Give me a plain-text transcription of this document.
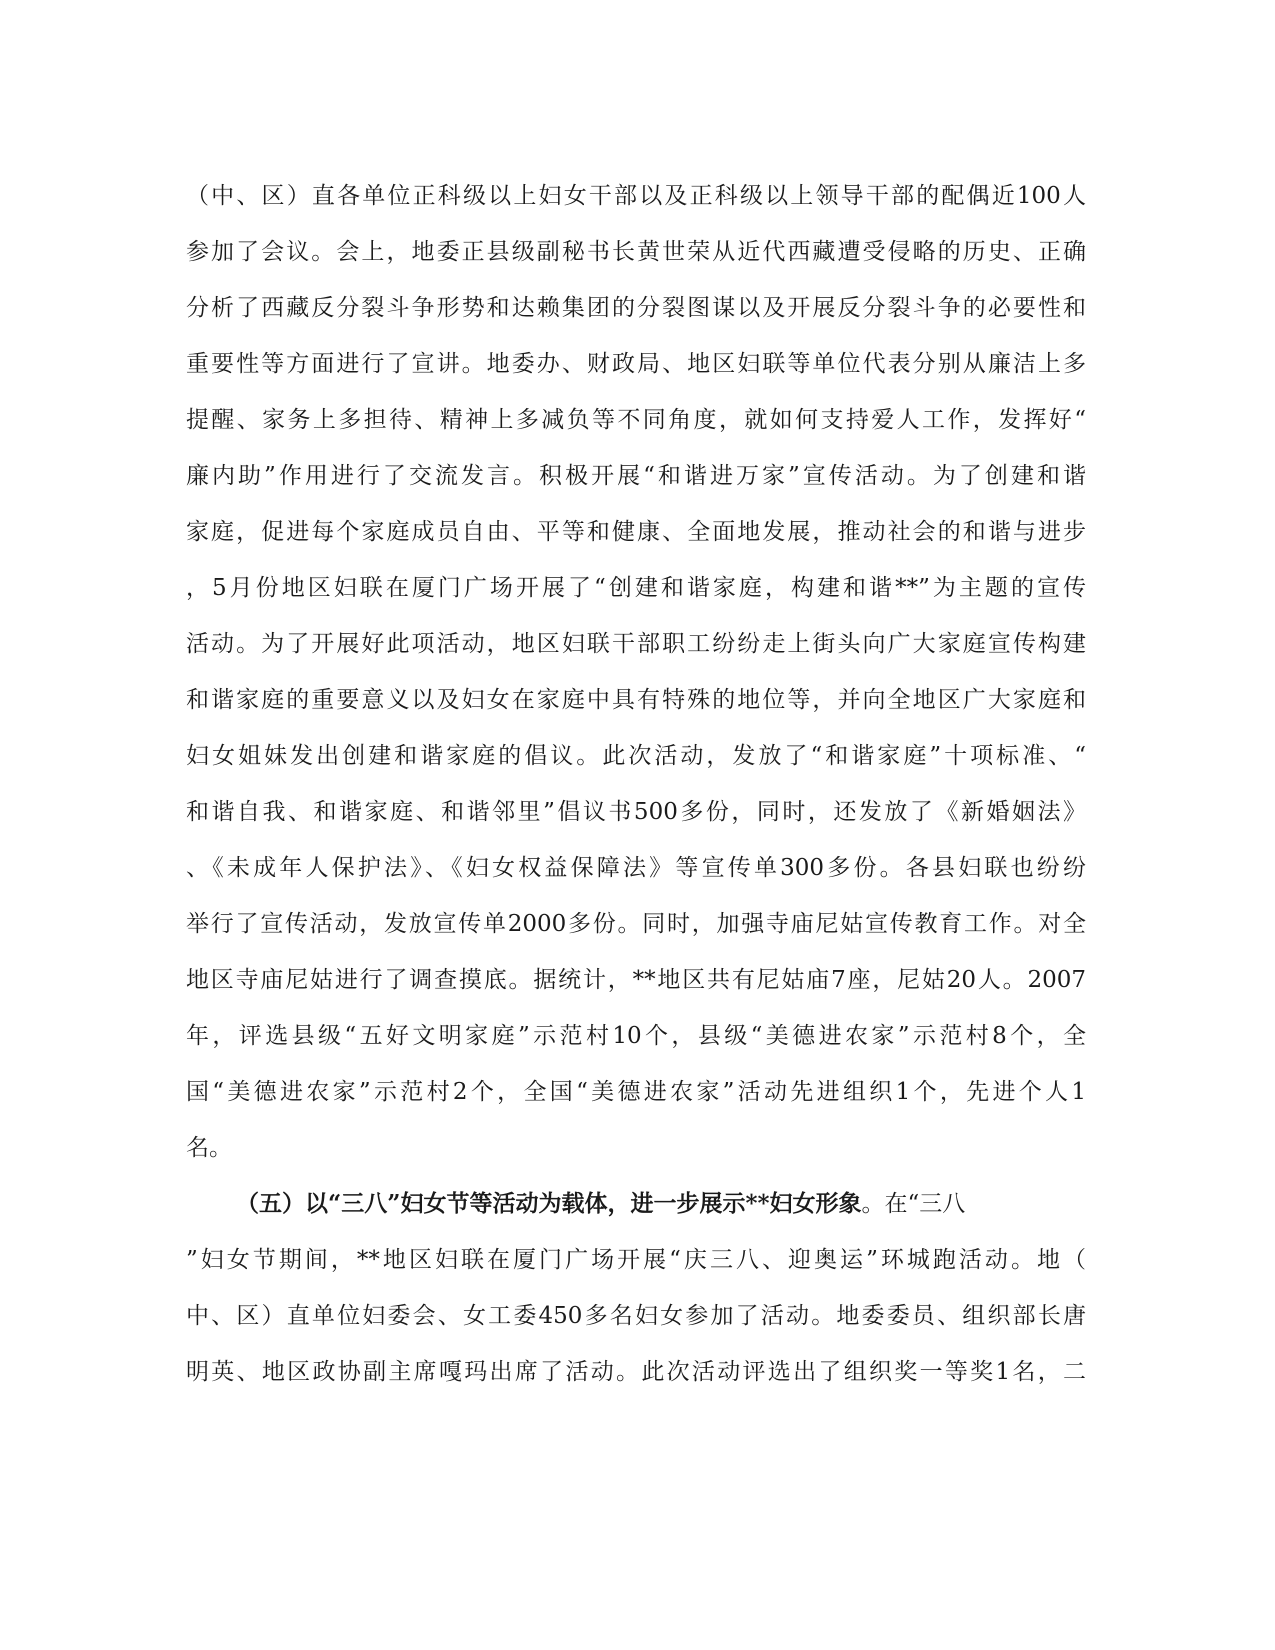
（中、区）直各单位正科级以上妇女干部以及正科级以上领导干部的配偶近100人
参加了会议。会上，地委正县级副秘书长黄世荣从近代西藏遭受侵略的历史、正确
分析了西藏反分裂斗争形势和达赖集团的分裂图谋以及开展反分裂斗争的必要性和
重要性等方面进行了宣讲。地委办、财政局、地区妇联等单位代表分别从廉洁上多
提醒、家务上多担待、精神上多减负等不同角度，就如何支持爱人工作，发挥好“
廉内助”作用进行了交流发言。积极开展“和谐进万家”宣传活动。为了创建和谐
家庭，促进每个家庭成员自由、平等和健康、全面地发展，推动社会的和谐与进步
，5月份地区妇联在厦门广场开展了“创建和谐家庭，构建和谐**”为主题的宣传
活动。为了开展好此项活动，地区妇联干部职工纷纷走上街头向广大家庭宣传构建
和谐家庭的重要意义以及妇女在家庭中具有特殊的地位等，并向全地区广大家庭和
妇女姐妹发出创建和谐家庭的倡议。此次活动，发放了“和谐家庭”十项标准、“
和谐自我、和谐家庭、和谐邻里”倡议书500多份，同时，还发放了《新婚姻法》
、《未成年人保护法》、《妇女权益保障法》等宣传单300多份。各县妇联也纷纷
举行了宣传活动，发放宣传单2000多份。同时，加强寺庙尼姑宣传教育工作。对全
地区寺庙尼姑进行了调查摸底。据统计，**地区共有尼姑庙7座，尼姑20人。2007
年，评选县级“五好文明家庭”示范村10个，县级“美德进农家”示范村8个，全
国“美德进农家”示范村2个，全国“美德进农家”活动先进组织1个，先进个人1
名。
（五）以“三八”妇女节等活动为载体，进一步展示**妇女形象。在“三八
”妇女节期间，**地区妇联在厦门广场开展“庆三八、迎奥运”环城跑活动。地（
中、区）直单位妇委会、女工委450多名妇女参加了活动。地委委员、组织部长唐
明英、地区政协副主席嘎玛出席了活动。此次活动评选出了组织奖一等奖1名，二
